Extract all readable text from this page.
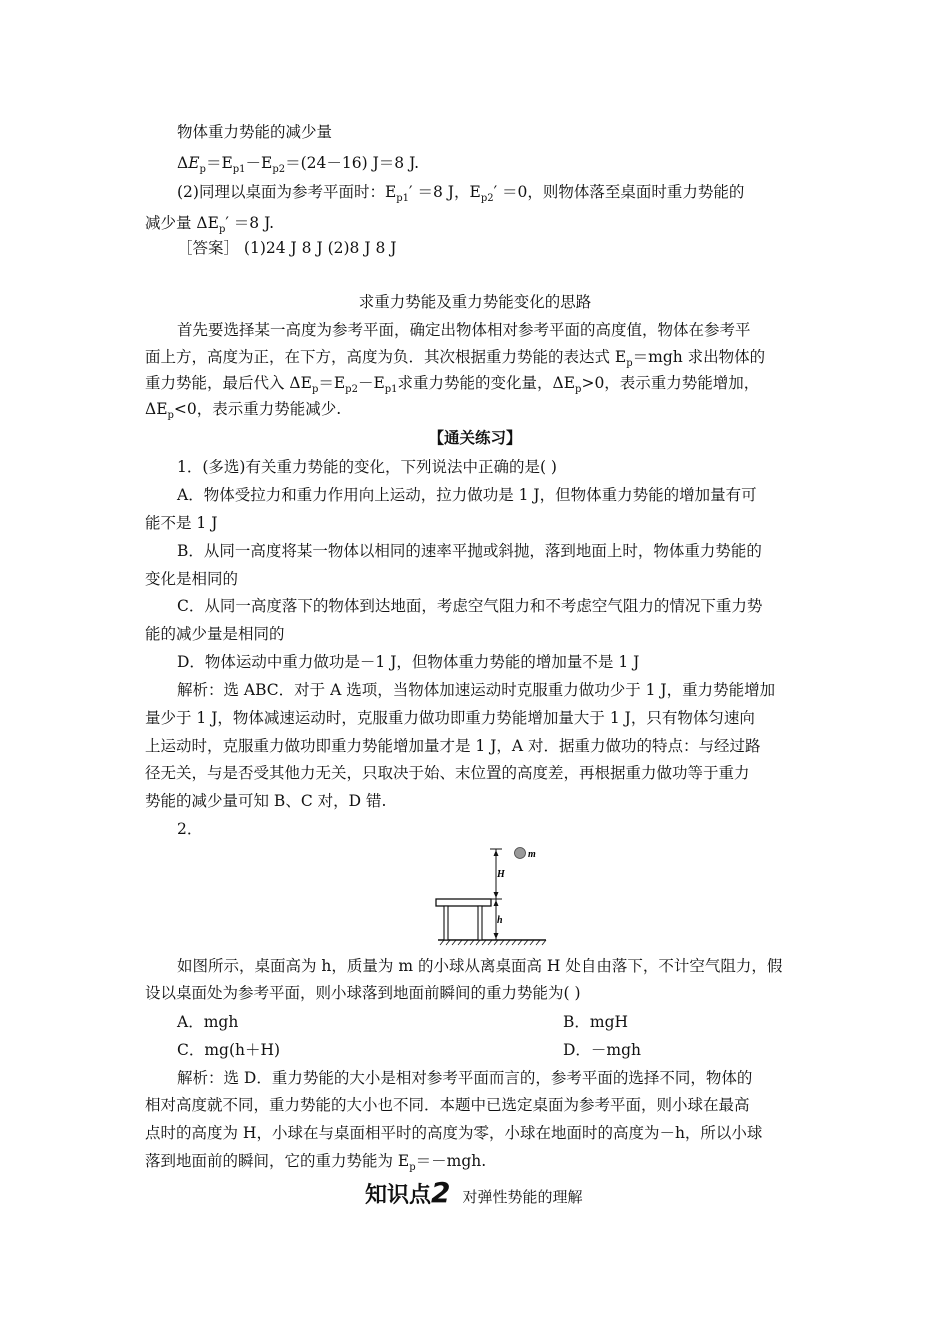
物体重力势能的减少量
$\Delta E_p=E_{p1}-E_{p2}=(24-16)$ J＝8 J.
(2)同理以桌面为参考平面时：$E_{p1}' =8$ J，$E_{p2}' =0$，则物体落至桌面时重力势能的
减少量 $\Delta E_p' =8$ J.
［答案］ (1)24 J 8 J (2)8 J 8 J
求重力势能及重力势能变化的思路
首先要选择某一高度为参考平面，确定出物体相对参考平面的高度值，物体在参考平
面上方，高度为正，在下方，高度为负．其次根据重力势能的表达式 $E_p=mgh$ 求出物体的
重力势能，最后代入 $\Delta E_p=E_{p2}-E_{p1}$求重力势能的变化量，$\Delta E_p>0$，表示重力势能增加，
$\Delta E_p<0$，表示重力势能减少.
【通关练习】
1．(多选)有关重力势能的变化，下列说法中正确的是( )
A．物体受拉力和重力作用向上运动，拉力做功是 1 J，但物体重力势能的增加量有可
能不是 1 J
B．从同一高度将某一物体以相同的速率平抛或斜抛，落到地面上时，物体重力势能的
变化是相同的
C．从同一高度落下的物体到达地面，考虑空气阻力和不考虑空气阻力的情况下重力势
能的减少量是相同的
D．物体运动中重力做功是－1 J，但物体重力势能的增加量不是 1 J
解析：选 ABC．对于 A 选项，当物体加速运动时克服重力做功少于 1 J，重力势能增加
量少于 1 J，物体减速运动时，克服重力做功即重力势能增加量大于 1 J，只有物体匀速向
上运动时，克服重力做功即重力势能增加量才是 1 J，A 对．据重力做功的特点：与经过路
径无关，与是否受其他力无关，只取决于始、末位置的高度差，再根据重力做功等于重力
势能的减少量可知 B、C 对，D 错.
2．
H
h
m
如图所示，桌面高为 h，质量为 m 的小球从离桌面高 H 处自由落下，不计空气阻力，假
设以桌面处为参考平面，则小球落到地面前瞬间的重力势能为( )
A．mgh	B．mgH
C．mg(h＋H)	D．－mgh
解析：选 D．重力势能的大小是相对参考平面而言的，参考平面的选择不同，物体的
相对高度就不同，重力势能的大小也不同．本题中已选定桌面为参考平面，则小球在最高
点时的高度为 H，小球在与桌面相平时的高度为零，小球在地面时的高度为－h，所以小球
落到地面前的瞬间，它的重力势能为 $E_p=-mgh$.
知识点2 对弹性势能的理解
